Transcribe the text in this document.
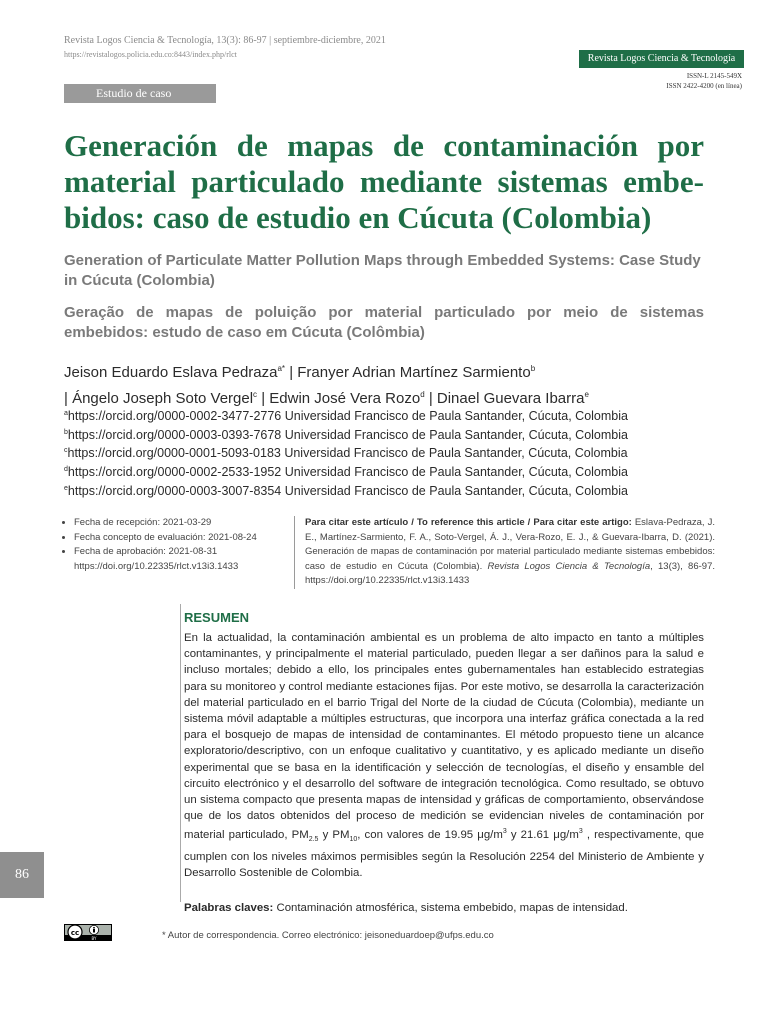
Revista Logos Ciencia & Tecnología, 13(3): 86-97 | septiembre-diciembre, 2021
https://revistalogos.policia.edu.co:8443/index.php/rlct	Revista Logos Ciencia & Tecnología
ISSN-L 2145-549X
ISSN 2422-4200 (en línea)
Estudio de caso
Generación de mapas de contaminación por material particulado mediante sistemas embe-bidos: caso de estudio en Cúcuta (Colombia)
Generation of Particulate Matter Pollution Maps through Embedded Systems: Case Study in Cúcuta (Colombia)
Geração de mapas de poluição por material particulado por meio de sistemas embebidos: estudo de caso em Cúcuta (Colômbia)
Jeison Eduardo Eslava Pedraza$^{a*}$ | Franyer Adrian Martínez Sarmiento$^b$
| Ángelo Joseph Soto Vergel$^c$ | Edwin José Vera Rozo$^d$ | Dinael Guevara Ibarra$^e$
$^a$https://orcid.org/0000-0002-3477-2776 Universidad Francisco de Paula Santander, Cúcuta, Colombia
$^b$https://orcid.org/0000-0003-0393-7678 Universidad Francisco de Paula Santander, Cúcuta, Colombia
$^c$https://orcid.org/0000-0001-5093-0183 Universidad Francisco de Paula Santander, Cúcuta, Colombia
$^d$https://orcid.org/0000-0002-2533-1952 Universidad Francisco de Paula Santander, Cúcuta, Colombia
$^e$https://orcid.org/0000-0003-3007-8354 Universidad Francisco de Paula Santander, Cúcuta, Colombia
• Fecha de recepción: 2021-03-29
• Fecha concepto de evaluación: 2021-08-24
• Fecha de aprobación: 2021-08-31
https://doi.org/10.22335/rlct.v13i3.1433
Para citar este artículo / To reference this article / Para citar este artigo: Eslava-Pedraza, J. E., Martínez-Sarmiento, F. A., Soto-Vergel, Á. J., Vera-Rozo, E. J., & Guevara-Ibarra, D. (2021). Generación de mapas de contaminación por material particulado mediante sistemas embebidos: caso de estudio en Cúcuta (Colombia). Revista Logos Ciencia & Tecnología, 13(3), 86-97. https://doi.org/10.22335/rlct.v13i3.1433
RESUMEN
En la actualidad, la contaminación ambiental es un problema de alto impacto en tanto a múltiples contaminantes, y principalmente el material particulado, pueden llegar a ser dañinos para la salud e incluso mortales; debido a ello, los principales entes gubernamentales han establecido estrategias para su monitoreo y control mediante estaciones fijas. Por este motivo, se desarrolla la caracterización del material particulado en el barrio Trigal del Norte de la ciudad de Cúcuta (Colombia), mediante un sistema móvil adaptable a múltiples estructuras, que incorpora una interfaz gráfica conectada a la red para el bosquejo de mapas de intensidad de contaminantes. El método propuesto tiene un alcance exploratorio/descriptivo, con un enfoque cualitativo y cuantitativo, y es aplicado mediante un diseño experimental que se basa en la identificación y selección de tecnologías, el diseño y ensamble del circuito electrónico y el desarrollo del software de integración tecnológica. Como resultado, se obtuvo un sistema compacto que presenta mapas de intensidad y gráficas de comportamiento, observándose que de los datos obtenidos del proceso de medición se evidencian niveles de contaminación por material particulado, $PM_{2.5}$ y $PM_{10}$, con valores de 19.95 $\mu g/m^3$ y 21.61 $\mu g/m^3$ , respectivamente, que cumplen con los niveles máximos permisibles según la Resolución 2254 del Ministerio de Ambiente y Desarrollo Sostenible de Colombia.
Palabras claves: Contaminación atmosférica, sistema embebido, mapas de intensidad.
86
cc
BY	* Autor de correspondencia. Correo electrónico: jeisoneduardoep@ufps.edu.co
